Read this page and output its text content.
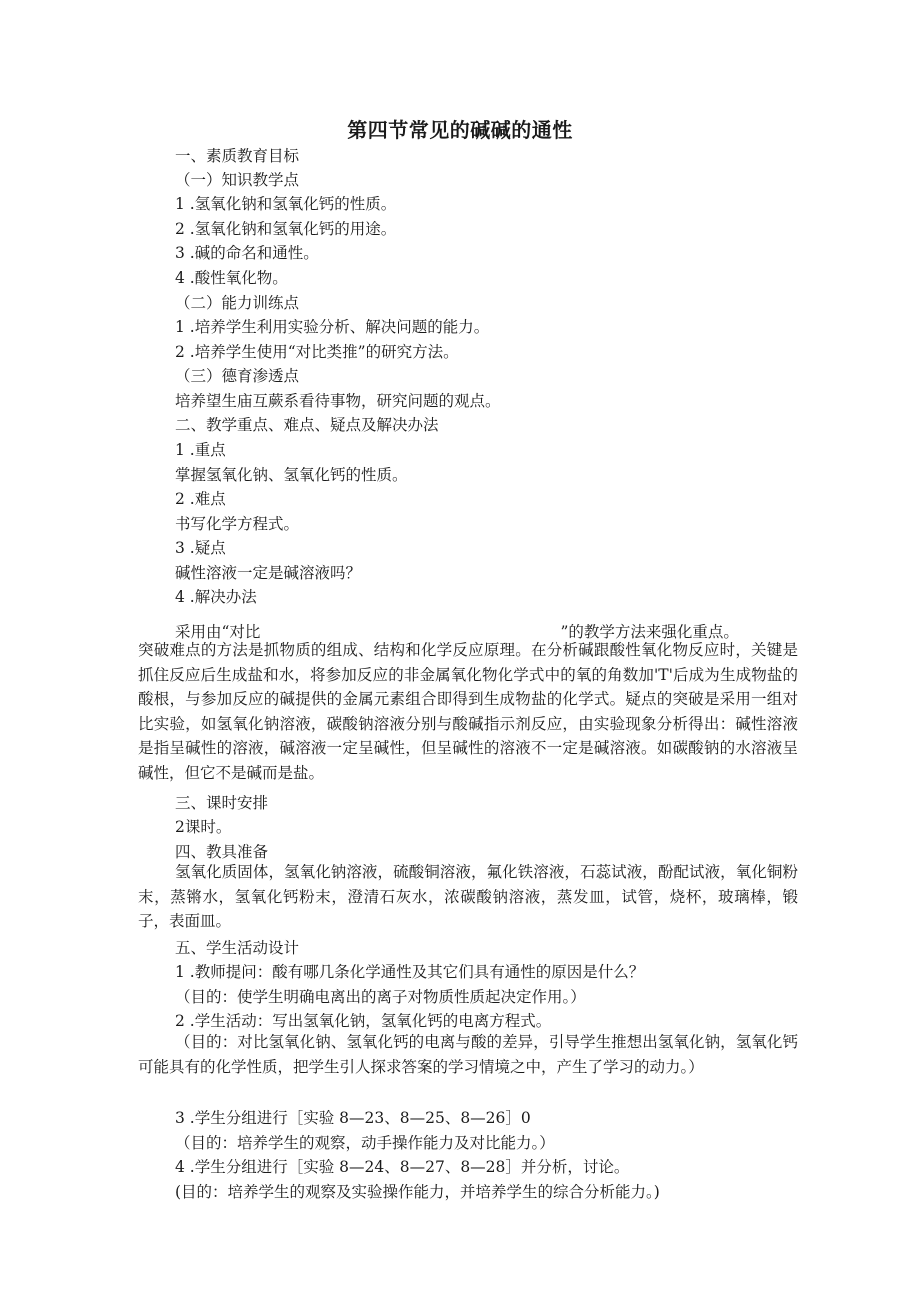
第四节常见的碱碱的通性
一、素质教育目标
（一）知识教学点
1 .氢氧化钠和氢氧化钙的性质。
2 .氢氧化钠和氢氧化钙的用途。
3 .碱的命名和通性。
4 .酸性氧化物。
（二）能力训练点
1 .培养学生利用实验分析、解决问题的能力。
2 .培养学生使用“对比类推”的研究方法。
（三）德育渗透点
培养望生庙互蕨系看待事物，研究问题的观点。
二、教学重点、难点、疑点及解决办法
1 .重点
掌握氢氧化钠、氢氧化钙的性质。
2 .难点
书写化学方程式。
3 .疑点
碱性溶液一定是碱溶液吗？
4 .解决办法
采用由“对比	”的教学方法来强化重点。
突破难点的方法是抓物质的组成、结构和化学反应原理。在分析碱跟酸性氧化物反应时，关键是抓住反应后生成盐和水，将参加反应的非金属氧化物化学式中的氧的角数加'T'后成为生成物盐的酸根，与参加反应的碱提供的金属元素组合即得到生成物盐的化学式。疑点的突破是采用一组对比实验，如氢氧化钠溶液，碳酸钠溶液分别与酸碱指示剂反应，由实验现象分析得出：碱性溶液是指呈碱性的溶液，碱溶液一定呈碱性，但呈碱性的溶液不一定是碱溶液。如碳酸钠的水溶液呈碱性，但它不是碱而是盐。
三、课时安排
2课时。
四、教具准备
氢氧化质固体，氢氧化钠溶液，硫酸铜溶液，氟化铁溶液，石蕊试液，酚配试液，氧化铜粉末，蒸锵水，氢氧化钙粉末，澄清石灰水，浓碳酸钠溶液，蒸发皿，试管，烧杯，玻璃棒，锻子，表面皿。
五、学生活动设计
1 .教师提问：酸有哪几条化学通性及其它们具有通性的原因是什么？
（目的：使学生明确电离出的离子对物质性质起决定作用。）
2 .学生活动：写出氢氧化钠，氢氧化钙的电离方程式。
（目的：对比氢氧化钠、氢氧化钙的电离与酸的差异，引导学生推想出氢氧化钠，氢氧化钙可能具有的化学性质，把学生引人探求答案的学习情境之中，产生了学习的动力。）
3 .学生分组进行［实验 8—23、8—25、8—26］0
（目的：培养学生的观察，动手操作能力及对比能力。）
4 .学生分组进行［实验 8—24、8—27、8—28］并分析，讨论。
(目的：培养学生的观察及实验操作能力，并培养学生的综合分析能力。)
